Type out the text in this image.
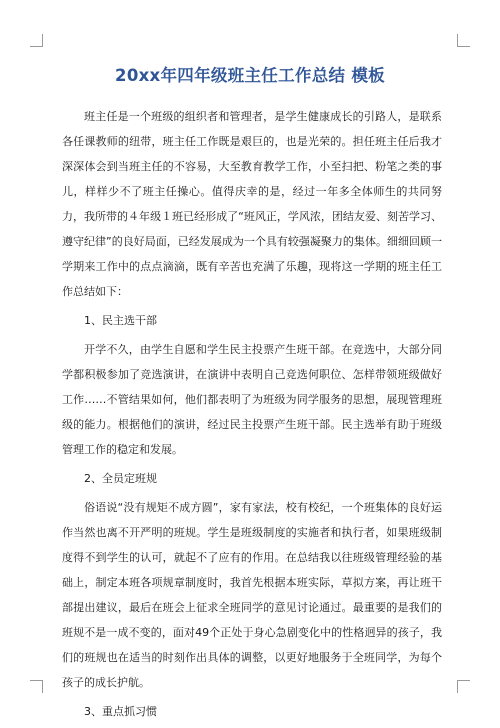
20xx年四年级班主任工作总结 模板

班主任是一个班级的组织者和管理者，是学生健康成长的引路人，是联系各任课教师的纽带，班主任工作既是艰巨的，也是光荣的。担任班主任后我才深深体会到当班主任的不容易，大至教育教学工作，小至扫把、粉笔之类的事儿，样样少不了班主任操心。值得庆幸的是，经过一年多全体师生的共同努力，我所带的４年级１班已经形成了“班风正，学风浓，团结友爱、刻苦学习、遵守纪律”的良好局面，已经发展成为一个具有较强凝聚力的集体。细细回顾一学期来工作中的点点滴滴，既有辛苦也充满了乐趣，现将这一学期的班主任工作总结如下：

1、民主选干部

开学不久，由学生自愿和学生民主投票产生班干部。在竞选中，大部分同学都积极参加了竞选演讲，在演讲中表明自己竞选何职位、怎样带领班级做好工作……不管结果如何，他们都表明了为班级为同学服务的思想，展现管理班级的能力。根据他们的演讲，经过民主投票产生班干部。民主选举有助于班级管理工作的稳定和发展。

2、全员定班规

俗语说“没有规矩不成方圆”，家有家法，校有校纪，一个班集体的良好运作当然也离不开严明的班规。学生是班级制度的实施者和执行者，如果班级制度得不到学生的认可，就起不了应有的作用。在总结我以往班级管理经验的基础上，制定本班各项规章制度时，我首先根据本班实际，草拟方案，再让班干部提出建议，最后在班会上征求全班同学的意见讨论通过。最重要的是我们的班规不是一成不变的，面对49个正处于身心急剧变化中的性格迥异的孩子，我们的班规也在适当的时刻作出具体的调整，以更好地服务于全班同学，为每个孩子的成长护航。

3、重点抓习惯
